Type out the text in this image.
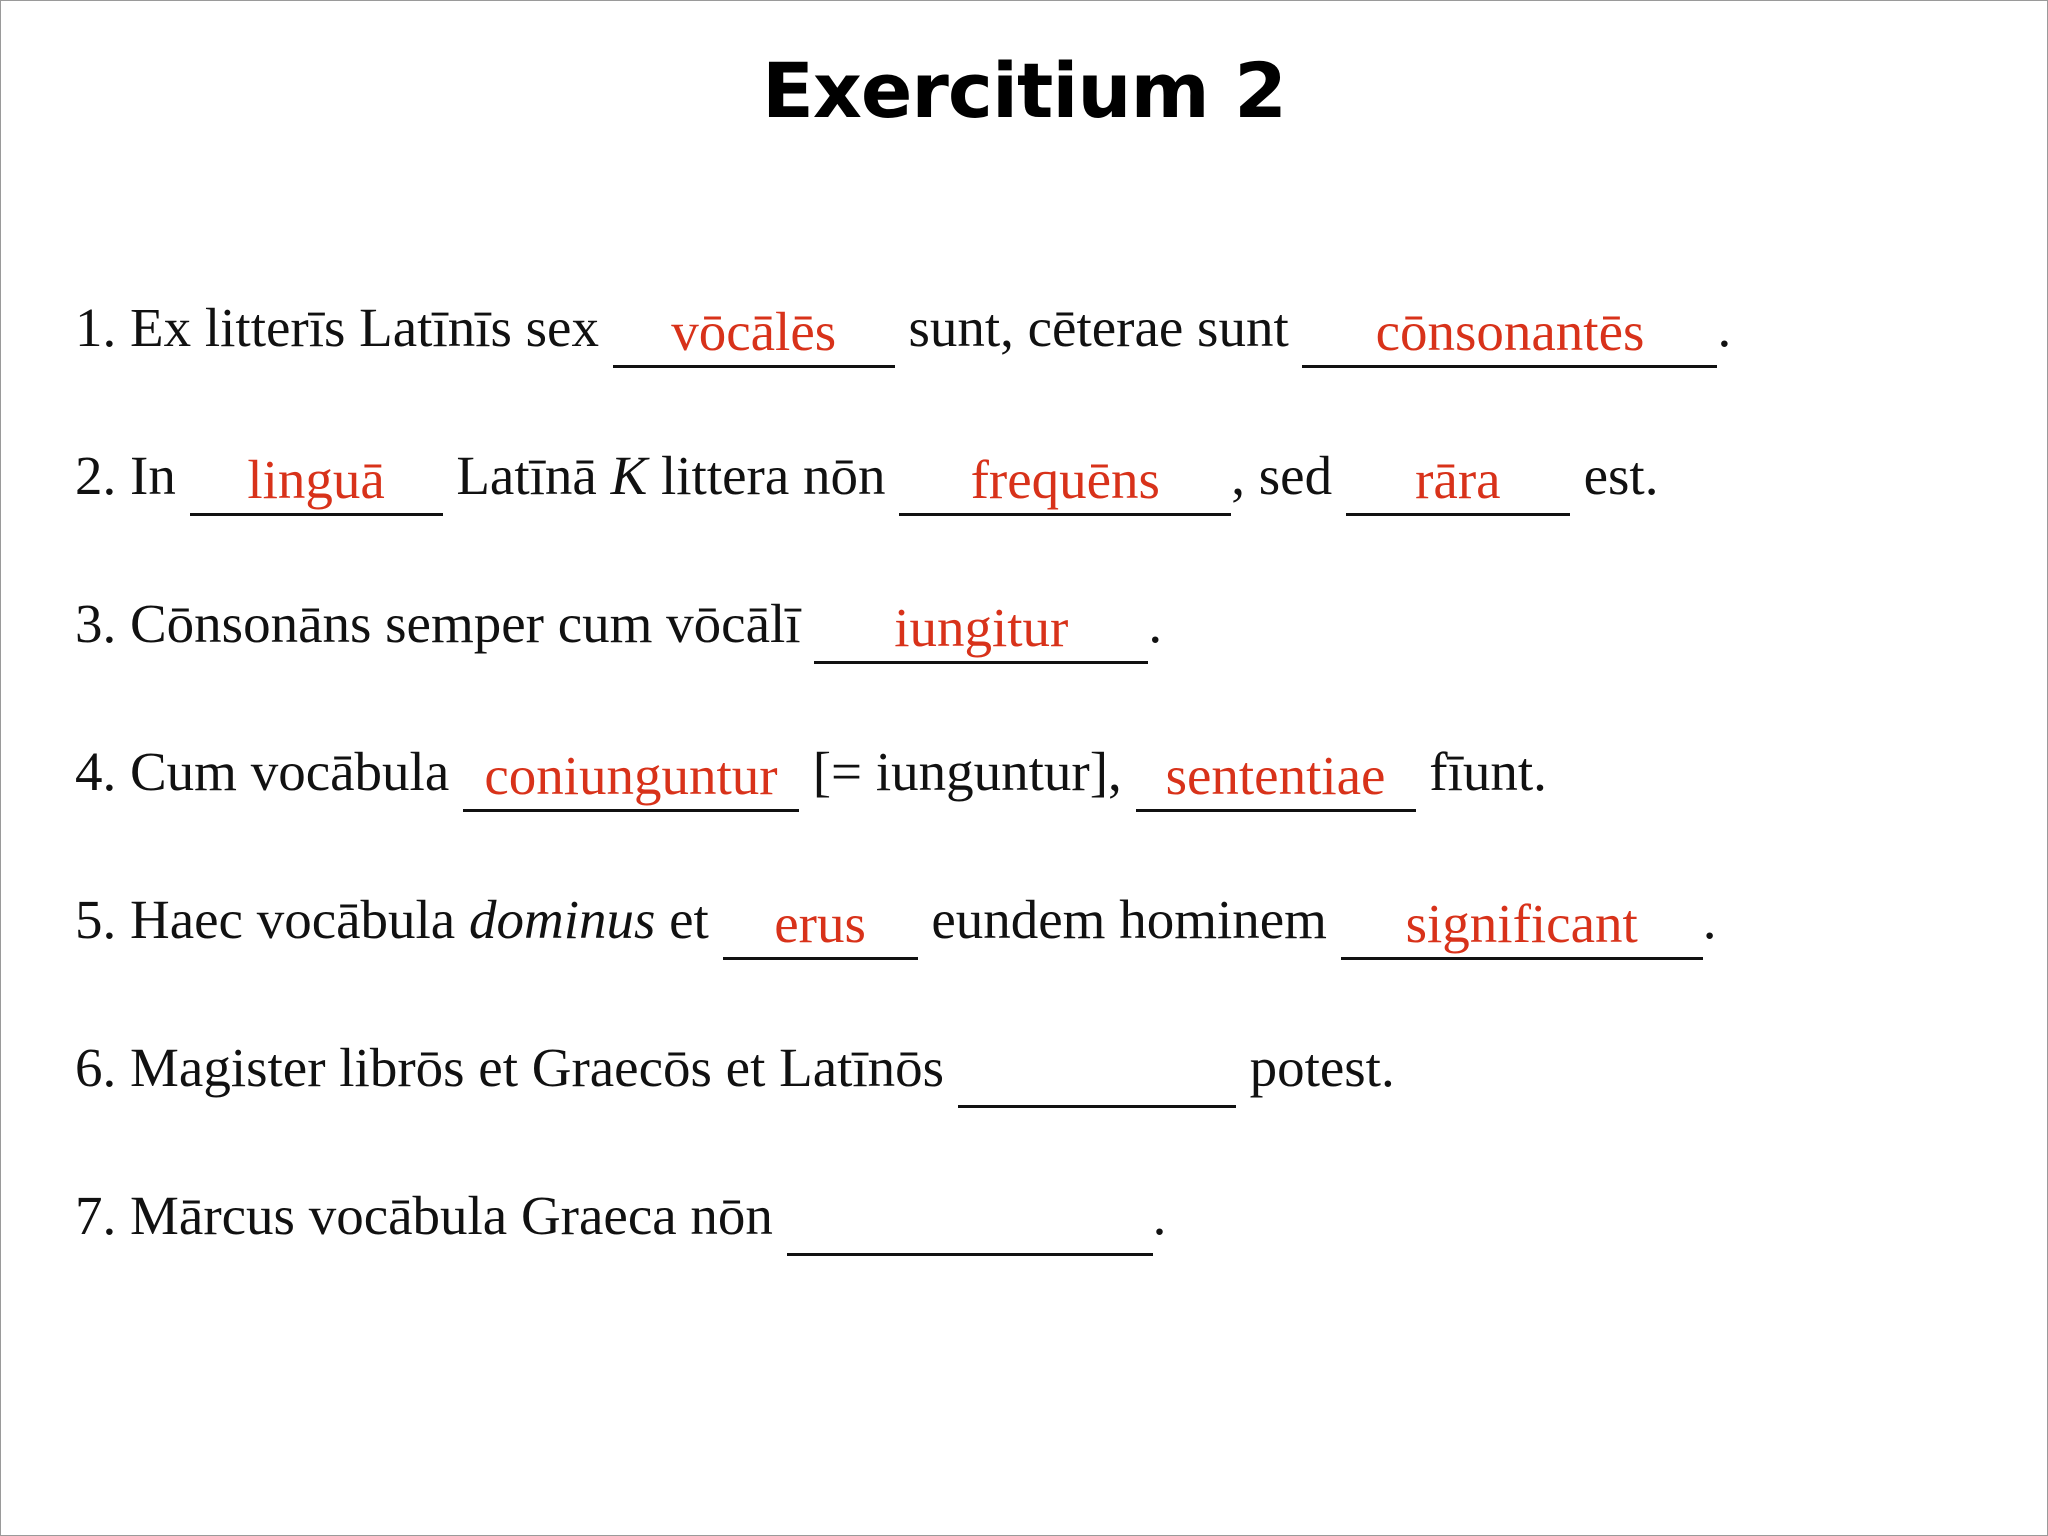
Exercitium 2
1. Ex litterīs Latīnīs sex vōcālēs sunt, cēterae sunt cōnsonantēs .
2. In linguā Latīnā K littera nōn frequēns , sed rāra est.
3. Cōnsonāns semper cum vōcālī iungitur .
4. Cum vocābula coniunguntur [= iunguntur], sententiae fīunt.
5. Haec vocābula dominus et erus eundem hominem significant .
6. Magister librōs et Graecōs et Latīnōs	potest.
7. Mārcus vocābula Graeca nōn	.
